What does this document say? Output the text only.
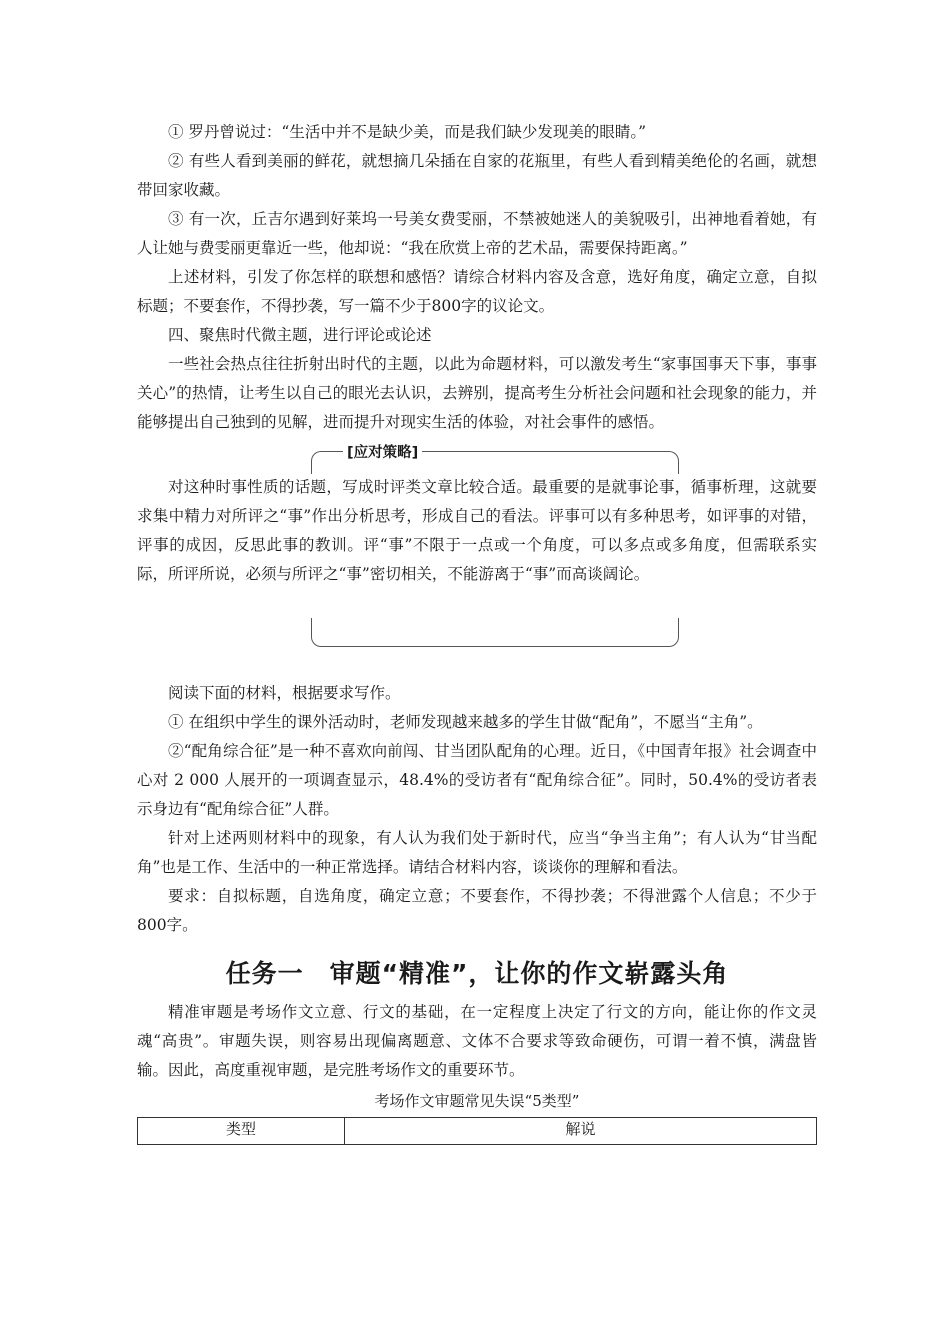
① 罗丹曾说过：“生活中并不是缺少美，而是我们缺少发现美的眼睛。”

② 有些人看到美丽的鲜花，就想摘几朵插在自家的花瓶里，有些人看到精美绝伦的名画，就想带回家收藏。

③ 有一次，丘吉尔遇到好莱坞一号美女费雯丽，不禁被她迷人的美貌吸引，出神地看着她，有人让她与费雯丽更靠近一些，他却说：“我在欣赏上帝的艺术品，需要保持距离。”

上述材料，引发了你怎样的联想和感悟？请综合材料内容及含意，选好角度，确定立意，自拟标题；不要套作，不得抄袭，写一篇不少于800字的议论文。

四、聚焦时代微主题，进行评论或论述

一些社会热点往往折射出时代的主题，以此为命题材料，可以激发考生“家事国事天下事，事事关心”的热情，让考生以自己的眼光去认识，去辨别，提高考生分析社会问题和社会现象的能力，并能够提出自己独到的见解，进而提升对现实生活的体验，对社会事件的感悟。

[应对策略]

对这种时事性质的话题，写成时评类文章比较合适。最重要的是就事论事，循事析理，这就要求集中精力对所评之“事”作出分析思考，形成自己的看法。评事可以有多种思考，如评事的对错，评事的成因，反思此事的教训。评“事”不限于一点或一个角度，可以多点或多角度，但需联系实际，所评所说，必须与所评之“事”密切相关，不能游离于“事”而高谈阔论。

阅读下面的材料，根据要求写作。

① 在组织中学生的课外活动时，老师发现越来越多的学生甘做“配角”，不愿当“主角”。

②“配角综合征”是一种不喜欢向前闯、甘当团队配角的心理。近日，《中国青年报》社会调查中心对 2 000 人展开的一项调查显示，48.4%的受访者有“配角综合征”。同时，50.4%的受访者表示身边有“配角综合征”人群。

针对上述两则材料中的现象，有人认为我们处于新时代，应当“争当主角”；有人认为“甘当配角”也是工作、生活中的一种正常选择。请结合材料内容，谈谈你的理解和看法。

要求：自拟标题，自选角度，确定立意；不要套作，不得抄袭；不得泄露个人信息；不少于800字。

任务一　审题“精准”，让你的作文崭露头角

精准审题是考场作文立意、行文的基础，在一定程度上决定了行文的方向，能让你的作文灵魂“高贵”。审题失误，则容易出现偏离题意、文体不合要求等致命硬伤，可谓一着不慎，满盘皆输。因此，高度重视审题，是完胜考场作文的重要环节。

考场作文审题常见失误“5类型”
类型	解说
